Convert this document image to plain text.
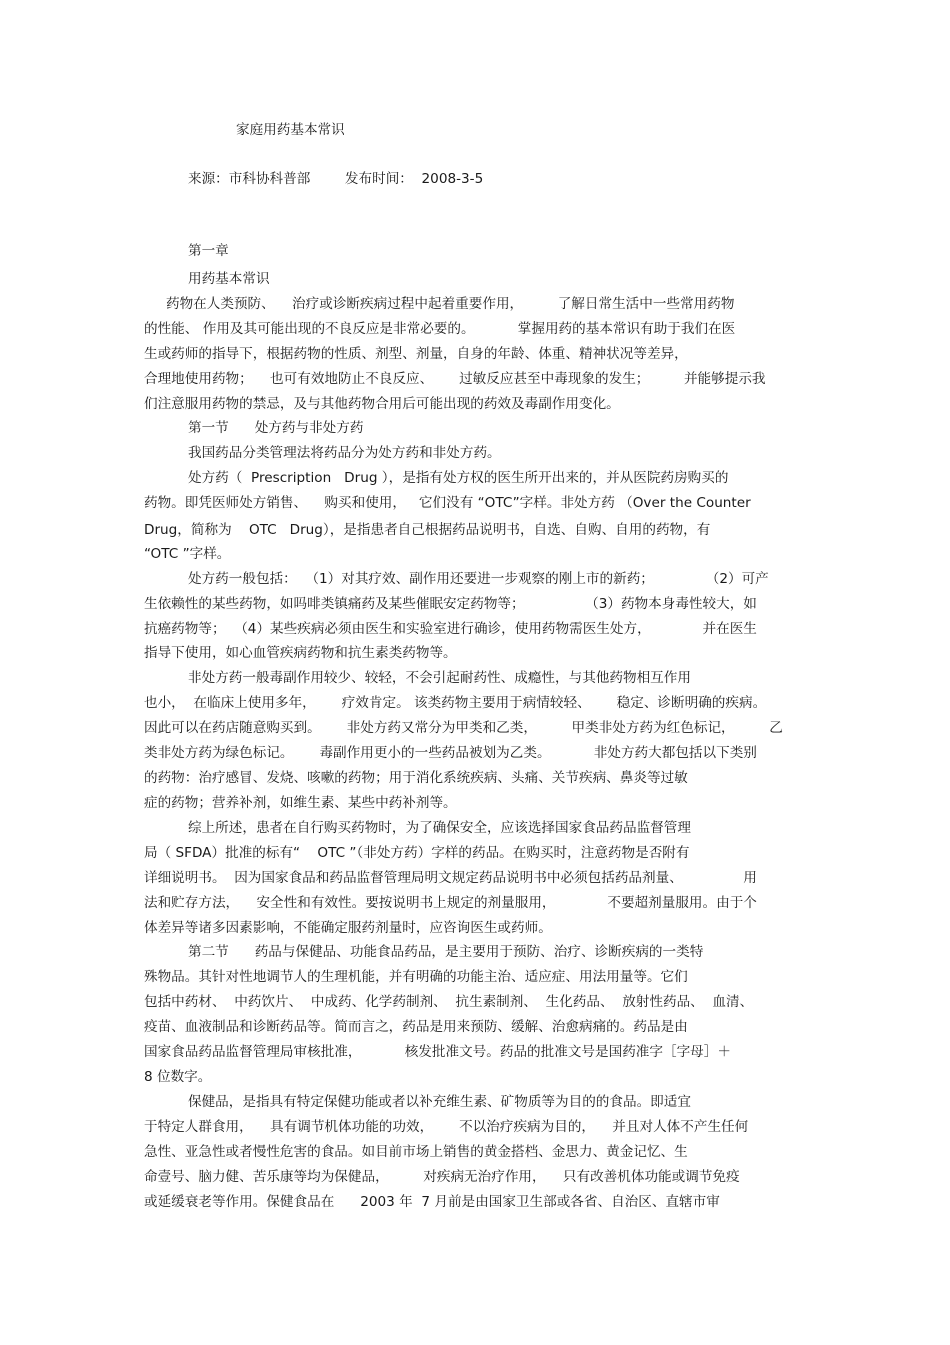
家庭用药基本常识
来源：市科协科普部        发布时间：  2008-3-5
第一章
用药基本常识
药物在人类预防、    治疗或诊断疾病过程中起着重要作用，        了解日常生活中一些常用药物
的性能、 作用及其可能出现的不良反应是非常必要的。          掌握用药的基本常识有助于我们在医
生或药师的指导下，根据药物的性质、剂型、剂量，自身的年龄、体重、精神状况等差异，
合理地使用药物；    也可有效地防止不良反应、      过敏反应甚至中毒现象的发生；        并能够提示我
们注意服用药物的禁忌，及与其他药物合用后可能出现的药效及毒副作用变化。
第一节      处方药与非处方药
我国药品分类管理法将药品分为处方药和非处方药。
处方药（  Prescription   Drug ），是指有处方权的医生所开出来的，并从医院药房购买的
药物。即凭医师处方销售、    购买和使用，   它们没有 “OTC”字样。非处方药 （Over the Counter
Drug，简称为    OTC   Drug），是指患者自己根据药品说明书，自选、自购、自用的药物，有
“OTC ”字样。
处方药一般包括：  （1）对其疗效、副作用还要进一步观察的刚上市的新药；            （2）可产
生依赖性的某些药物，如吗啡类镇痛药及某些催眠安定药物等；              （3）药物本身毒性较大，如
抗癌药物等；  （4）某些疾病必须由医生和实验室进行确诊，使用药物需医生处方，            并在医生
指导下使用，如心血管疾病药物和抗生素类药物等。
非处方药一般毒副作用较少、较轻，不会引起耐药性、成瘾性，与其他药物相互作用
也小，  在临床上使用多年，      疗效肯定。 该类药物主要用于病情较轻、      稳定、诊断明确的疾病。
因此可以在药店随意购买到。      非处方药又常分为甲类和乙类，        甲类非处方药为红色标记，        乙
类非处方药为绿色标记。      毒副作用更小的一些药品被划为乙类。          非处方药大都包括以下类别
的药物：治疗感冒、发烧、咳嗽的药物；用于消化系统疾病、头痛、关节疾病、鼻炎等过敏
症的药物；营养补剂，如维生素、某些中药补剂等。
综上所述，患者在自行购买药物时，为了确保安全，应该选择国家食品药品监督管理
局（ SFDA）批准的标有“    OTC ”（非处方药）字样的药品。在购买时，注意药物是否附有
详细说明书。  因为国家食品和药品监督管理局明文规定药品说明书中必须包括药品剂量、              用
法和贮存方法，    安全性和有效性。要按说明书上规定的剂量服用，            不要超剂量服用。由于个
体差异等诸多因素影响，不能确定服药剂量时，应咨询医生或药师。
第二节      药品与保健品、功能食品药品，是主要用于预防、治疗、诊断疾病的一类特
殊物品。其针对性地调节人的生理机能，并有明确的功能主治、适应症、用法用量等。它们
包括中药材、  中药饮片、  中成药、化学药制剂、  抗生素制剂、  生化药品、  放射性药品、  血清、
疫苗、血液制品和诊断药品等。简而言之，药品是用来预防、缓解、治愈病痛的。药品是由
国家食品药品监督管理局审核批准，          核发批准文号。药品的批准文号是国药准字［字母］＋
8 位数字。
保健品，是指具有特定保健功能或者以补充维生素、矿物质等为目的的食品。即适宜
于特定人群食用，    具有调节机体功能的功效，      不以治疗疾病为目的，    并且对人体不产生任何
急性、亚急性或者慢性危害的食品。如目前市场上销售的黄金搭档、金思力、黄金记忆、生
命壹号、脑力健、苦乐康等均为保健品，        对疾病无治疗作用，    只有改善机体功能或调节免疫
或延缓衰老等作用。保健食品在      2003 年  7 月前是由国家卫生部或各省、自治区、直辖市审
